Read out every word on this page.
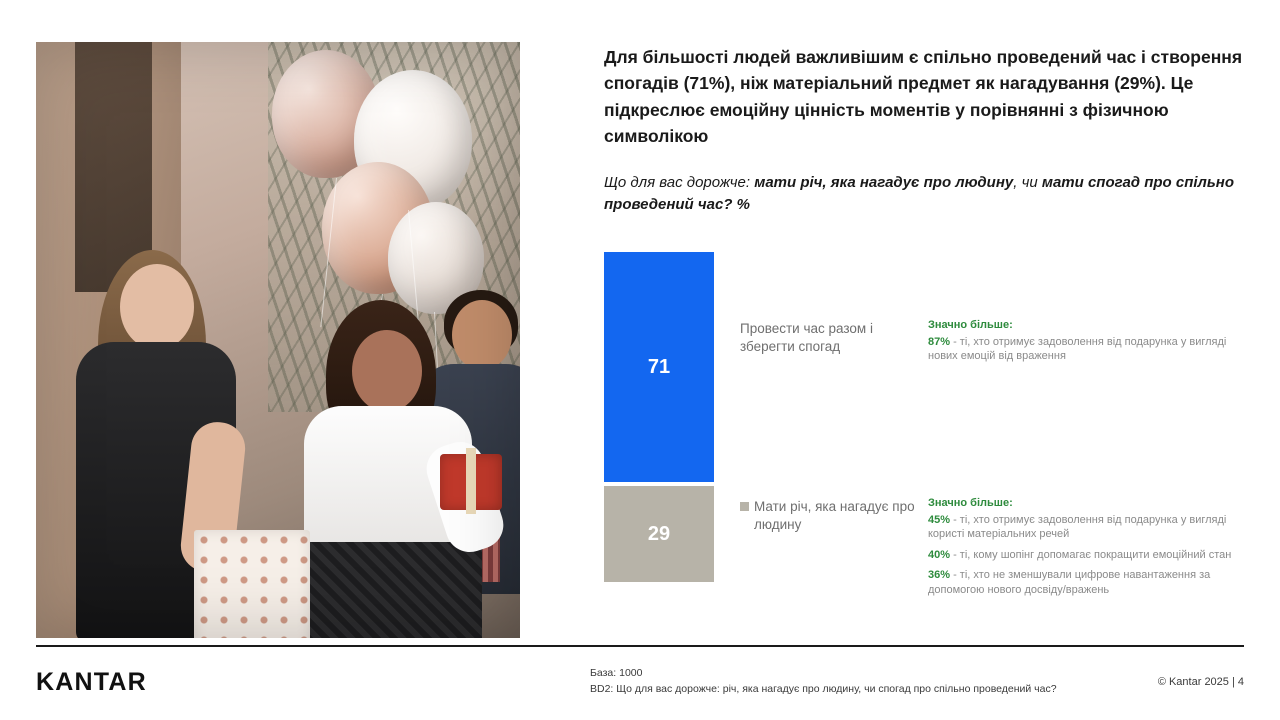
Для більшості людей важливішим є спільно проведений час і створення спогадів (71%), ніж матеріальний предмет як нагадування (29%). Це підкреслює емоційну цінність моментів у порівнянні з фізичною символікою
Що для вас дорожче: мати річ, яка нагадує про людину, чи мати спогад про спільно проведений час? %
71
29
Провести час разом і зберегти спогад
Мати річ, яка нагадує про людину
Значно більше:
87% - ті, хто отримує задоволення від подарунка у вигляді нових емоцій від враження
Значно більше:
45% - ті, хто отримує задоволення від подарунка у вигляді користі матеріальних речей
40% - ті, кому шопінг допомагає покращити емоційний стан
36% - ті, хто не зменшували цифрове навантаження за допомогою нового досвіду/вражень
KANTAR	База: 1000
BD2: Що для вас дорожче: річ, яка нагадує про людину, чи спогад про спільно проведений час?
© Kantar 2025 | 4
